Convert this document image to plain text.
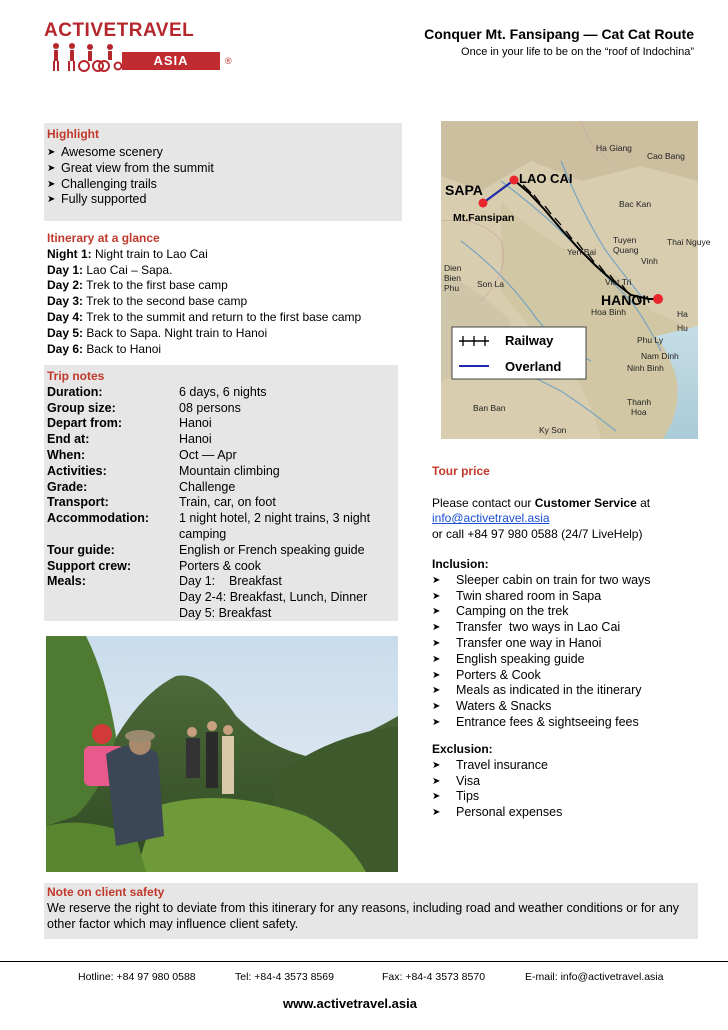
ACTIVETRAVEL
ASIA	®
Conquer Mt. Fansipang — Cat Cat Route
Once in your life to be on the “roof of Indochina”
Highlight
➤ Awesome scenery
➤ Great view from the summit
➤ Challenging trails
➤ Fully supported
Itinerary at a glance
Night 1: Night train to Lao Cai
Day 1: Lao Cai – Sapa.
Day 2: Trek to the first base camp
Day 3: Trek to the second base camp
Day 4: Trek to the summit and return to the first base camp
Day 5: Back to Sapa. Night train to Hanoi
Day 6: Back to Hanoi
Trip notes
Duration:	6 days, 6 nights
Group size:	08 persons
Depart from:	Hanoi
End at:	Hanoi
When:	Oct — Apr
Activities:	Mountain climbing
Grade:	Challenge
Transport:	Train, car, on foot
Accommodation:	1 night hotel, 2 night trains, 3 night camping
Tour guide:	English or French speaking guide
Support crew:	Porters & cook
Meals:	Day 1:    Breakfast
Day 2-4: Breakfast, Lunch, Dinner
Day 5: Breakfast
SAPA
LAO CAI
Mt.Fansipan
HANOI
Ha Giang
Cao Bang
Bac Kan
Tuyen
Quang
Thai Nguye
Yen Bai
Vinh
Viet Tri
Dien
Bien
Phu Son La
Hoa Binh	Ha
Hu
Phu Ly
Nam Dinh
Ninh Binh
Thanh
Hoa
Ban Ban
Ky Son
Railway
Overland
Tour price
Please contact our Customer Service at
info@activetravel.asia
or call +84 97 980 0588 (24/7 LiveHelp)
Inclusion:
➤ Sleeper cabin on train for two ways
➤ Twin shared room in Sapa
➤ Camping on the trek
➤ Transfer  two ways in Lao Cai
➤ Transfer one way in Hanoi
➤ English speaking guide
➤ Porters & Cook
➤ Meals as indicated in the itinerary
➤ Waters & Snacks
➤ Entrance fees & sightseeing fees
Exclusion:
➤ Travel insurance
➤ Visa
➤ Tips
➤ Personal expenses
Note on client safety
We reserve the right to deviate from this itinerary for any reasons, including road and weather conditions or for any other factor which may influence client safety.
Hotline: +84 97 980 0588	Tel: +84-4 3573 8569	Fax: +84-4 3573 8570	E-mail: info@activetravel.asia
www.activetravel.asia
